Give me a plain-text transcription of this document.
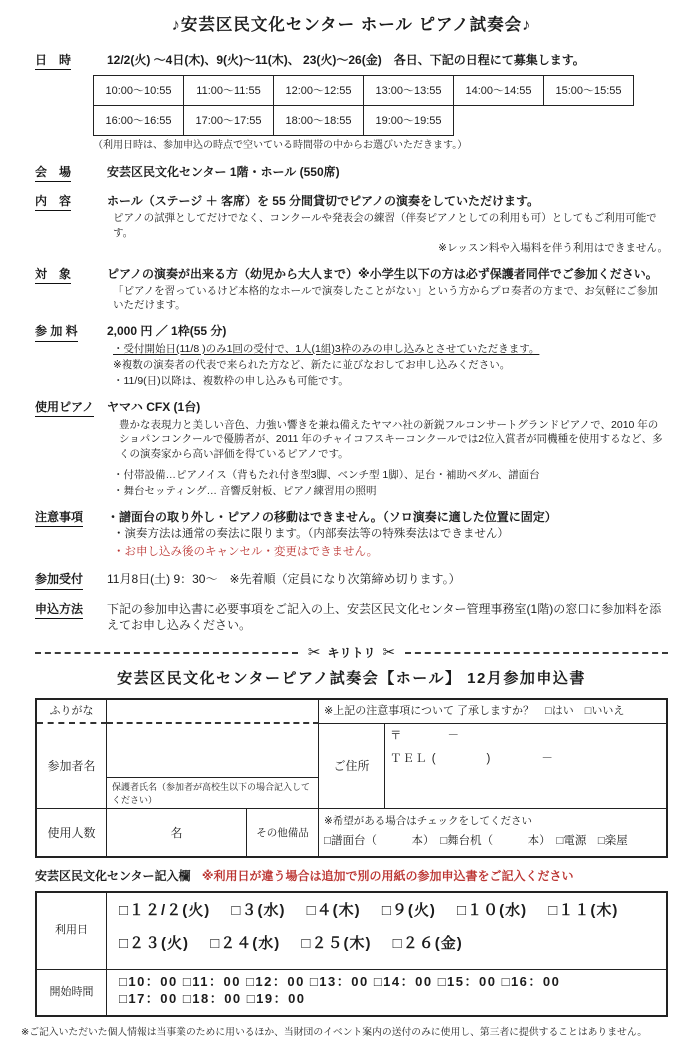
♪安芸区民文化センター ホール ピアノ試奏会♪
日　時	12/2(火) ～4日(木)、9(火)～11(木)、 23(火)～26(金)　各日、下記の日程にて募集します。
10:00～10:55	11:00～11:55	12:00～12:55	13:00～13:55	14:00～14:55	15:00～15:55
16:00～16:55	17:00～17:55	18:00～18:55	19:00～19:55
（利用日時は、参加申込の時点で空いている時間帯の中からお選びいただきます。）
会　場	安芸区民文化センター 1階・ホール (550席)
内　容	ホール（ステージ ＋ 客席）を 55 分間貸切でピアノの演奏をしていただけます。
ピアノの試弾としてだけでなく、コンクールや発表会の練習（伴奏ピアノとしての利用も可）としてもご利用可能です。
※レッスン料や入場料を伴う利用はできません。
対　象	ピアノの演奏が出来る方（幼児から大人まで）※小学生以下の方は必ず保護者同伴でご参加ください。
「ピアノを習っているけど本格的なホールで演奏したことがない」という方からプロ奏者の方まで、お気軽にご参加いただけます。
参 加 料	2,000 円 ／ 1枠(55 分)
・受付開始日(11/8 )のみ1回の受付で、1人(1組)3枠のみの申し込みとさせていただきます。
※複数の演奏者の代表で来られた方など、新たに並びなおしてお申し込みください。
・11/9(日)以降は、複数枠の申し込みも可能です。
使用ピアノ ヤマハ CFX (1台)
豊かな表現力と美しい音色、力強い響きを兼ね備えたヤマハ社の新鋭フルコンサートグランドピアノで、2010 年のショパンコンクールで優勝者が、2011 年のチャイコフスキーコンクールでは2位入賞者が同機種を使用するなど、多くの演奏家から高い評価を得ているピアノです。
・付帯設備…ピアノイス（背もたれ付き型3脚、ベンチ型 1脚）、足台・補助ペダル、譜面台
・舞台セッティング… 音響反射板、ピアノ練習用の照明
注意事項	・譜面台の取り外し・ピアノの移動はできません。（ソロ演奏に適した位置に固定）
・演奏方法は通常の奏法に限ります。（内部奏法等の特殊奏法はできません）
・お申し込み後のキャンセル・変更はできません。
参加受付	11月8日(土) 9：30～　※先着順（定員になり次第締め切ります。）
申込方法	下記の参加申込書に必要事項をご記入の上、安芸区民文化センター管理事務室(1階)の窓口に参加料を添えてお申し込みください。
✂ キリトリ ✂
安芸区民文化センターピアノ試奏会【ホール】 12月参加申込書
ふりがな	※上記の注意事項について 了承しますか？　□はい　□いいえ
参加者名
保護者氏名（参加者が高校生以下の場合記入してください）
ご住所
〒　　　　－
ＴＥＬ (　　　　)　　　　－
使用人数	名	その他備品
※希望がある場合はチェックをしてください
□譜面台（　　　本）　□舞台机（　　　本）　□電源　□楽屋
安芸区民文化センター記入欄 ※利用日が違う場合は追加で別の用紙の参加申込書をご記入ください
利用日
□１２/２(火)　 □３(水)　 □４(木)　 □９(火)　 □１０(水)　 □１１(木)
□２３(火)　 □２４(水)　 □２５(木)　 □２６(金)
開始時間
□10：00 □11：00 □12：00 □13：00 □14：00 □15：00 □16：00
□17：00 □18：00 □19：00
※ご記入いただいた個人情報は当事業のために用いるほか、当財団のイベント案内の送付のみに使用し、第三者に提供することはありません。
